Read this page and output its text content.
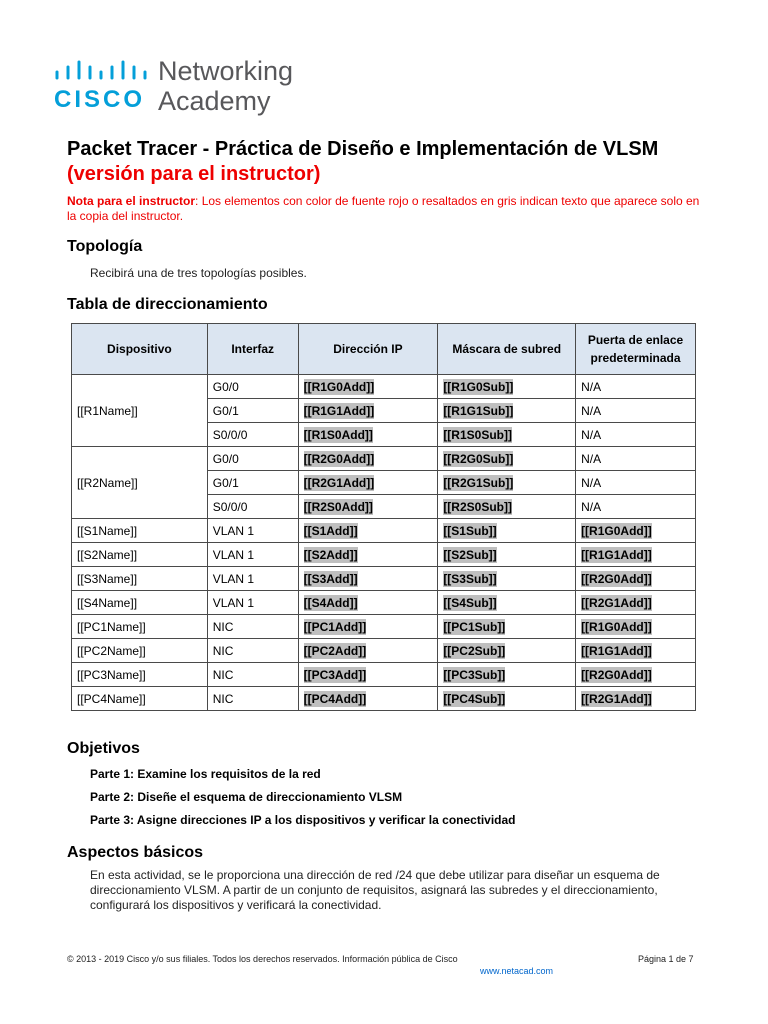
CISCO
Networking
Academy
Packet Tracer - Práctica de Diseño e Implementación de VLSM
(versión para el instructor)
Nota para el instructor: Los elementos con color de fuente rojo o resaltados en gris indican texto que aparece solo en la copia del instructor.
Topología
Recibirá una de tres topologías posibles.
Tabla de direccionamiento
Dispositivo	Interfaz	Dirección IP	Máscara de subred	Puerta de enlace predeterminada
[[R1Name]]	G0/0	[[R1G0Add]]	[[R1G0Sub]]	N/A
	G0/1	[[R1G1Add]]	[[R1G1Sub]]	N/A
	S0/0/0	[[R1S0Add]]	[[R1S0Sub]]	N/A
[[R2Name]]	G0/0	[[R2G0Add]]	[[R2G0Sub]]	N/A
	G0/1	[[R2G1Add]]	[[R2G1Sub]]	N/A
	S0/0/0	[[R2S0Add]]	[[R2S0Sub]]	N/A
[[S1Name]]	VLAN 1	[[S1Add]]	[[S1Sub]]	[[R1G0Add]]
[[S2Name]]	VLAN 1	[[S2Add]]	[[S2Sub]]	[[R1G1Add]]
[[S3Name]]	VLAN 1	[[S3Add]]	[[S3Sub]]	[[R2G0Add]]
[[S4Name]]	VLAN 1	[[S4Add]]	[[S4Sub]]	[[R2G1Add]]
[[PC1Name]]	NIC	[[PC1Add]]	[[PC1Sub]]	[[R1G0Add]]
[[PC2Name]]	NIC	[[PC2Add]]	[[PC2Sub]]	[[R1G1Add]]
[[PC3Name]]	NIC	[[PC3Add]]	[[PC3Sub]]	[[R2G0Add]]
[[PC4Name]]	NIC	[[PC4Add]]	[[PC4Sub]]	[[R2G1Add]]
Objetivos
Parte 1: Examine los requisitos de la red
Parte 2: Diseñe el esquema de direccionamiento VLSM
Parte 3: Asigne direcciones IP a los dispositivos y verificar la conectividad
Aspectos básicos
En esta actividad, se le proporciona una dirección de red /24 que debe utilizar para diseñar un esquema de direccionamiento VLSM. A partir de un conjunto de requisitos, asignará las subredes y el direccionamiento, configurará los dispositivos y verificará la conectividad.
© 2013 - 2019 Cisco y/o sus filiales. Todos los derechos reservados. Información pública de Cisco	Página 1 de 7
www.netacad.com
